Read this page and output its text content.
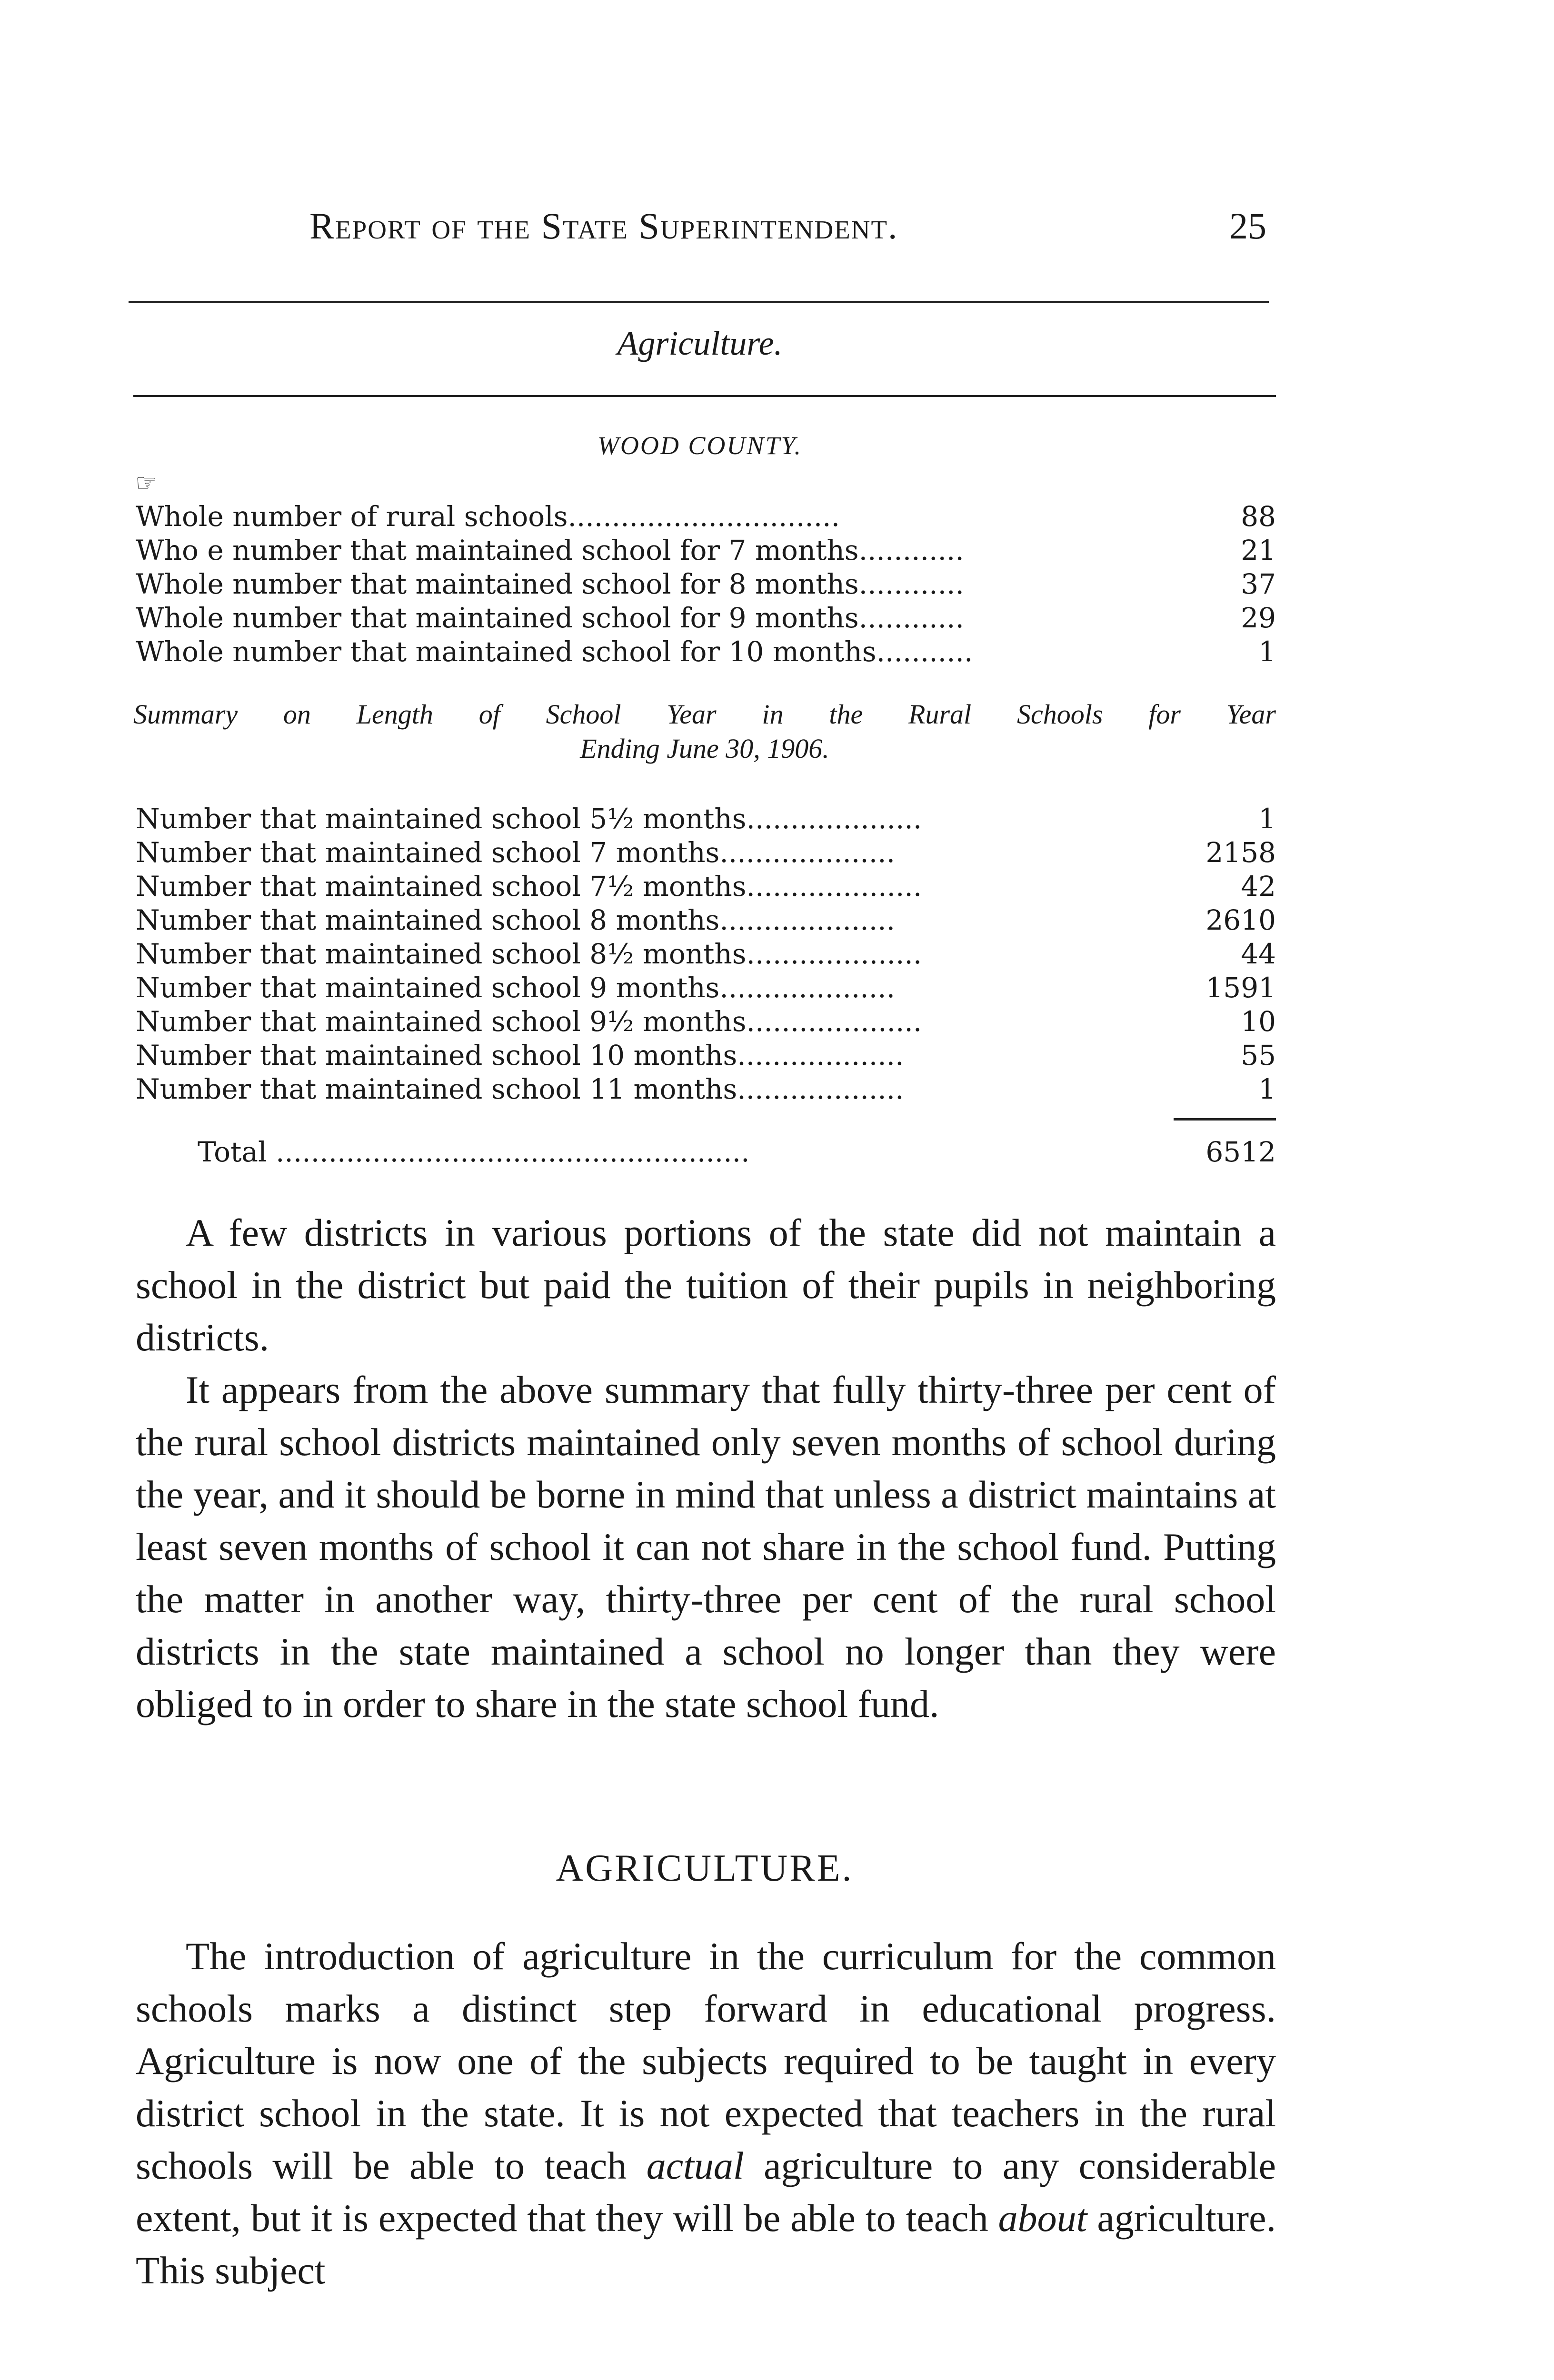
Report of the State Superintendent.	25
Agriculture.
WOOD COUNTY.
☞
Whole number of rural schools...............................	88
Who e number that maintained school for 7 months............	21
Whole number that maintained school for 8 months............	37
Whole number that maintained school for 9 months............	29
Whole number that maintained school for 10 months...........	1
Summary on Length of School Year in the Rural Schools for Year
Ending June 30, 1906.
Number that maintained school 5½ months....................	1
Number that maintained school 7 months....................	2158
Number that maintained school 7½ months....................	42
Number that maintained school 8 months....................	2610
Number that maintained school 8½ months....................	44
Number that maintained school 9 months....................	1591
Number that maintained school 9½ months....................	10
Number that maintained school 10 months...................	55
Number that maintained school 11 months...................	1
Total ......................................................	6512

A few districts in various portions of the state did not maintain a school in the district but paid the tuition of their pupils in neighboring districts.

It appears from the above summary that fully thirty-three per cent of the rural school districts maintained only seven months of school during the year, and it should be borne in mind that unless a district maintains at least seven months of school it can not share in the school fund. Putting the matter in another way, thirty-three per cent of the rural school districts in the state maintained a school no longer than they were obliged to in order to share in the state school fund.

AGRICULTURE.

The introduction of agriculture in the curriculum for the common schools marks a distinct step forward in educational progress. Agriculture is now one of the subjects required to be taught in every district school in the state. It is not expected that teachers in the rural schools will be able to teach actual agriculture to any considerable extent, but it is expected that they will be able to teach about agriculture. This subject
